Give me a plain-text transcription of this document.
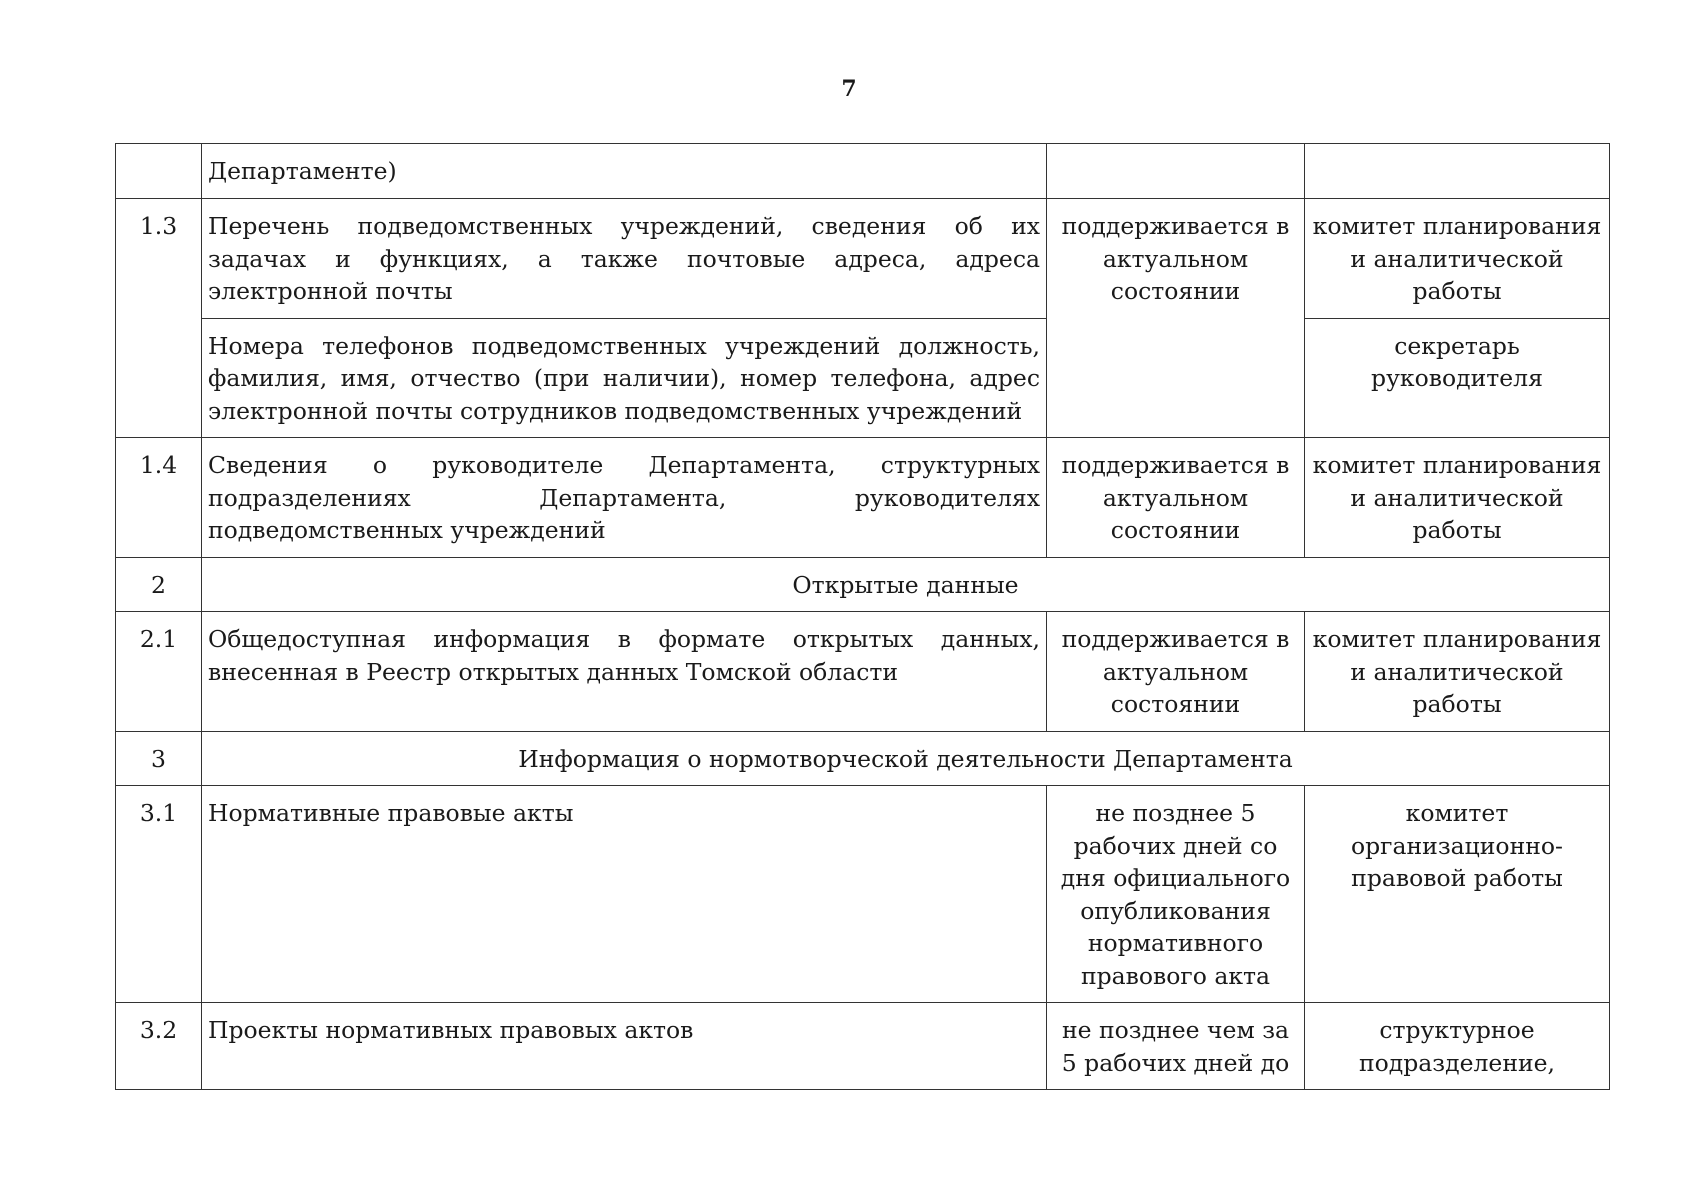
7
	Департаменте)		
1.3	Перечень подведомственных учреждений, сведения об их задачах и функциях, а также почтовые адреса, адреса электронной почты	поддерживается в актуальном состоянии	комитет планирования и аналитической работы
	Номера телефонов подведомственных учреждений должность, фамилия, имя, отчество (при наличии), номер телефона, адрес электронной почты сотрудников подведомственных учреждений		секретарь руководителя
1.4	Сведения о руководителе Департамента, структурных подразделениях Департамента, руководителях подведомственных учреждений	поддерживается в актуальном состоянии	комитет планирования и аналитической работы
2	Открытые данные		
2.1	Общедоступная информация в формате открытых данных, внесенная в Реестр открытых данных Томской области	поддерживается в актуальном состоянии	комитет планирования и аналитической работы
3	Информация о нормотворческой деятельности Департамента		
3.1	Нормативные правовые акты	не позднее 5 рабочих дней со дня официального опубликования нормативного правового акта	комитет организационно-правовой работы
3.2	Проекты нормативных правовых актов	не позднее чем за 5 рабочих дней до	структурное подразделение,
